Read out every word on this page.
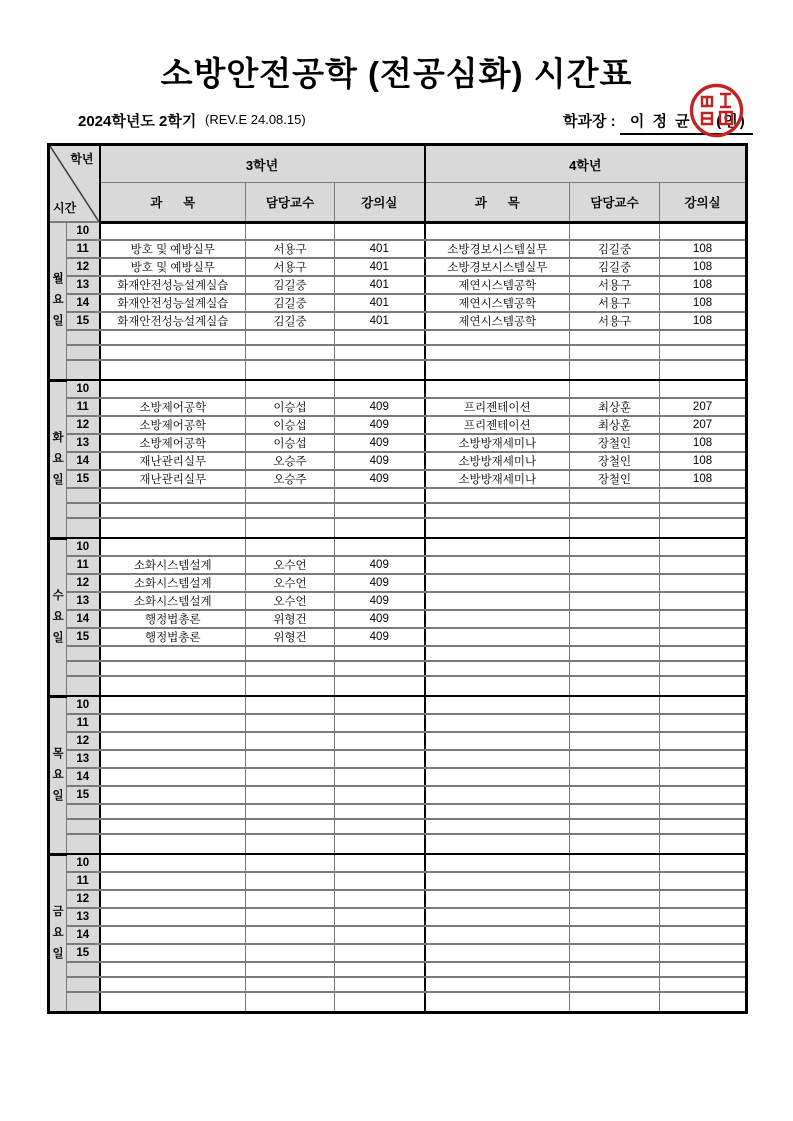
소방안전공학 (전공심화) 시간표
2024학년도 2학기 (REV.E 24.08.15)	학과장 : 이 정 균 (인)

학년

시간		3학년			4학년		
		과      목	담당교수	강의실	과      목	담당교수	강의실

월
요
일	10						
	11	방호 및 예방실무	서용구	401	소방경보시스템실무	김길중	108
	12	방호 및 예방실무	서용구	401	소방경보시스템실무	김길중	108
	13	화재안전성능설계실습	김길중	401	제연시스템공학	서용구	108
	14	화재안전성능설계실습	김길중	401	제연시스템공학	서용구	108
	15	화재안전성능설계실습	김길중	401	제연시스템공학	서용구	108

화
요
일	10						
	11	소방제어공학	이승섭	409	프리젠테이션	최상훈	207
	12	소방제어공학	이승섭	409	프리젠테이션	최상훈	207
	13	소방제어공학	이승섭	409	소방방재세미나	장철인	108
	14	재난관리실무	오승주	409	소방방재세미나	장철인	108
	15	재난관리실무	오승주	409	소방방재세미나	장철인	108

수
요
일	10						
	11	소화시스템설계	오수언	409			
	12	소화시스템설계	오수언	409			
	13	소화시스템설계	오수언	409			
	14	행정법총론	위형건	409			
	15	행정법총론	위형건	409			

목
요
일	10						
	11						
	12						
	13						
	14						
	15						

금
요
일	10						
	11						
	12						
	13						
	14						
	15						
